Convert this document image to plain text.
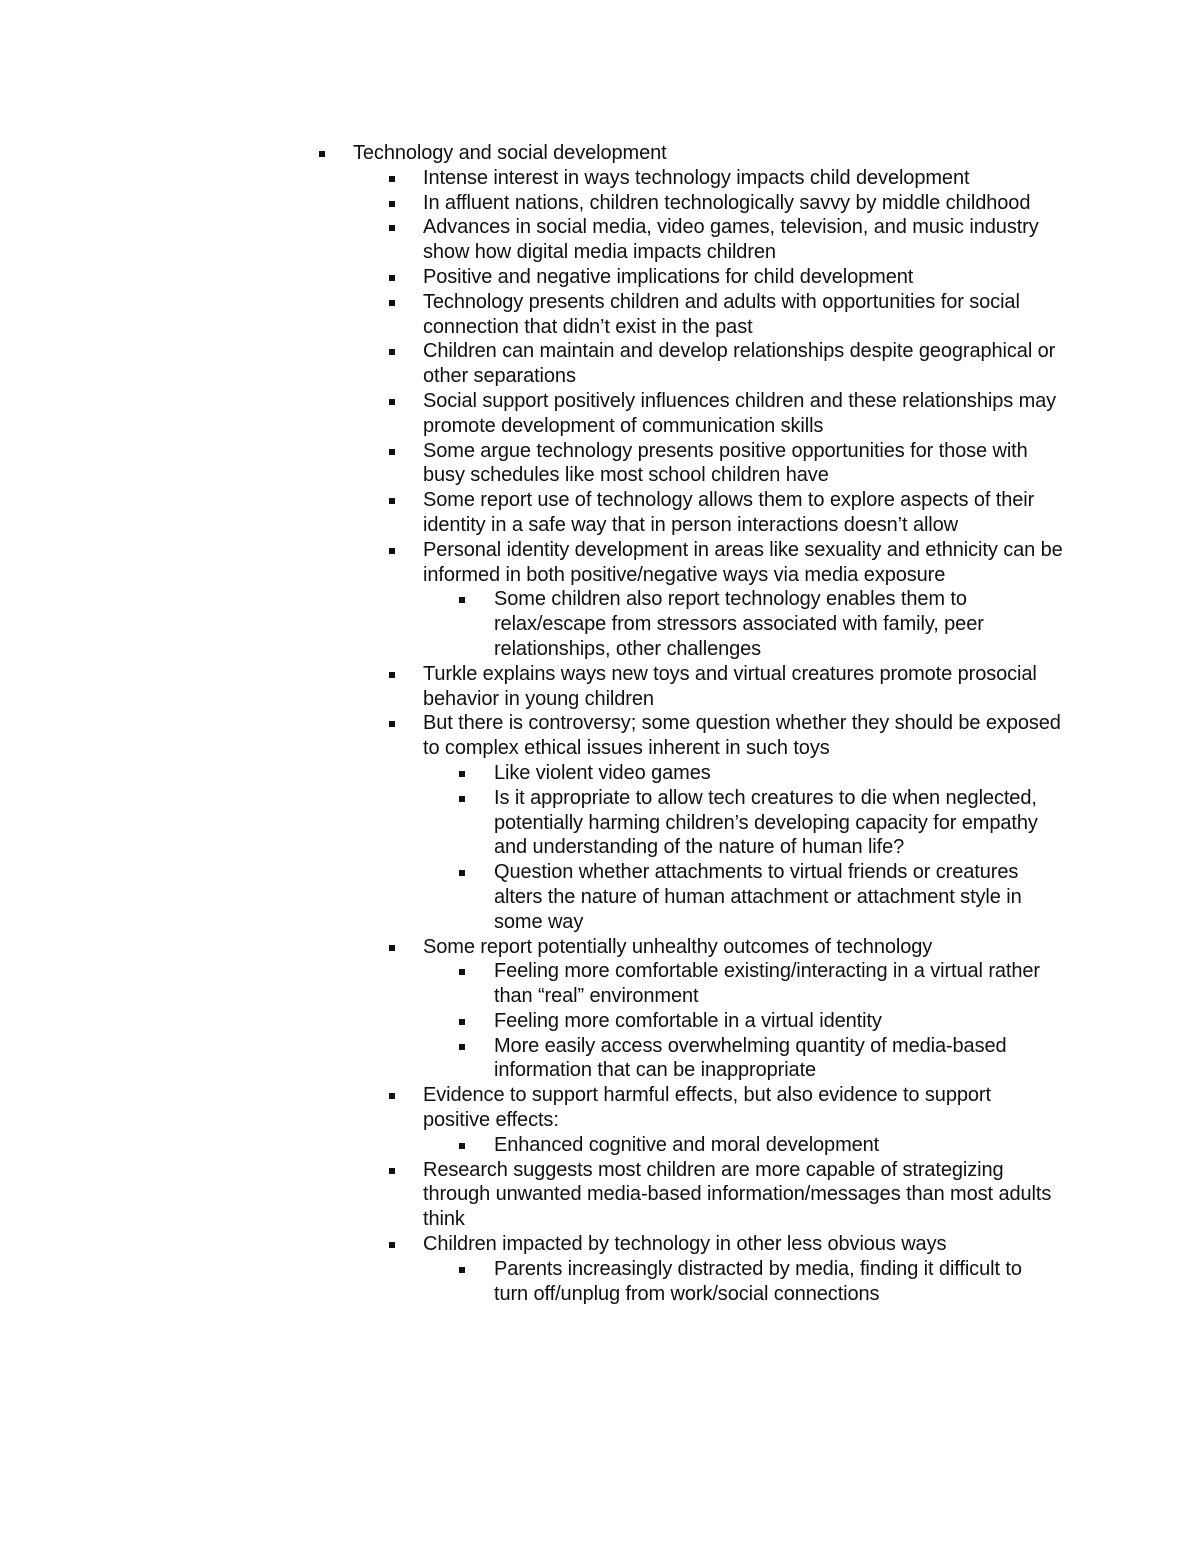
Technology and social development
Intense interest in ways technology impacts child development
In affluent nations, children technologically savvy by middle childhood
Advances in social media, video games, television, and music industry show how digital media impacts children
Positive and negative implications for child development
Technology presents children and adults with opportunities for social connection that didn’t exist in the past
Children can maintain and develop relationships despite geographical or other separations
Social support positively influences children and these relationships may promote development of communication skills
Some argue technology presents positive opportunities for those with busy schedules like most school children have
Some report use of technology allows them to explore aspects of their identity in a safe way that in person interactions doesn’t allow
Personal identity development in areas like sexuality and ethnicity can be informed in both positive/negative ways via media exposure
Some children also report technology enables them to relax/escape from stressors associated with family, peer relationships, other challenges
Turkle explains ways new toys and virtual creatures promote prosocial behavior in young children
But there is controversy; some question whether they should be exposed to complex ethical issues inherent in such toys
Like violent video games
Is it appropriate to allow tech creatures to die when neglected, potentially harming children’s developing capacity for empathy and understanding of the nature of human life?
Question whether attachments to virtual friends or creatures alters the nature of human attachment or attachment style in some way
Some report potentially unhealthy outcomes of technology
Feeling more comfortable existing/interacting in a virtual rather than “real” environment
Feeling more comfortable in a virtual identity
More easily access overwhelming quantity of media-based information that can be inappropriate
Evidence to support harmful effects, but also evidence to support positive effects:
Enhanced cognitive and moral development
Research suggests most children are more capable of strategizing through unwanted media-based information/messages than most adults think
Children impacted by technology in other less obvious ways
Parents increasingly distracted by media, finding it difficult to turn off/unplug from work/social connections
